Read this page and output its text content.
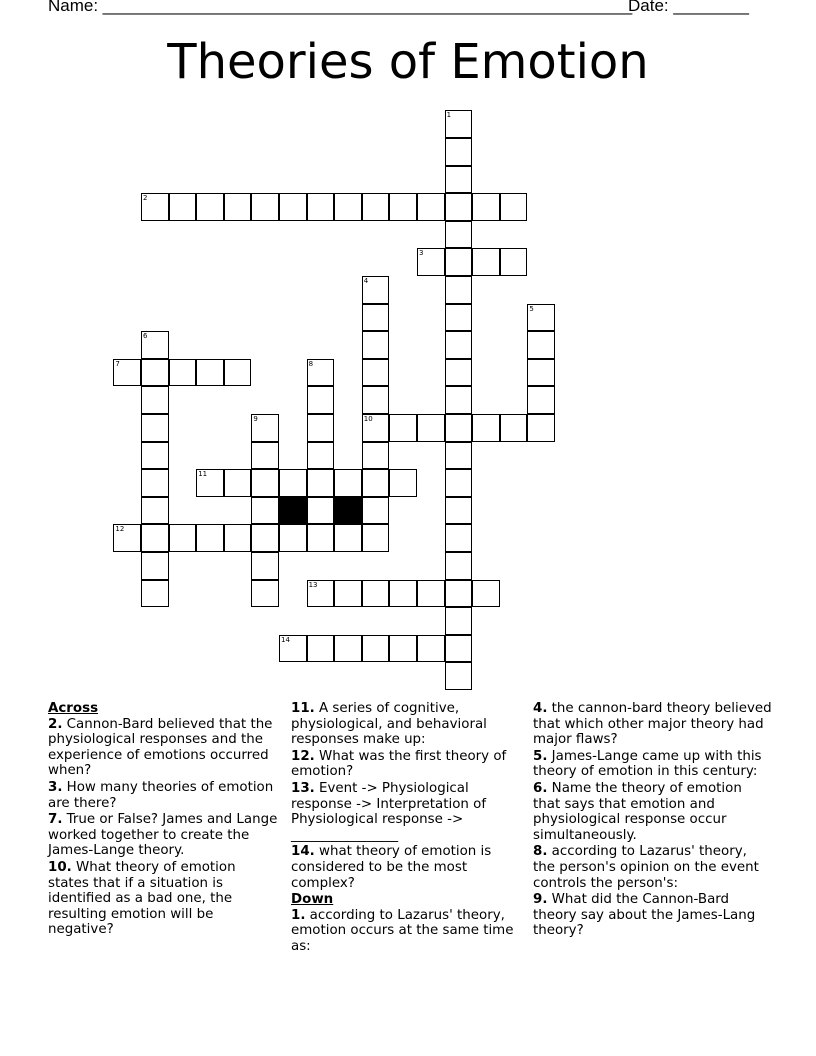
Name: ________________________________________________________
Date: ________
Theories of Emotion
1
2
3
4
5
6
7	8
9	10
11
12
13
14

Across

2. Cannon-Bard believed that the physiological responses and the experience of emotions occurred when?
3. How many theories of emotion are there?
7. True or False? James and Lange worked together to create the James-Lange theory.
10. What theory of emotion states that if a situation is identified as a bad one, the resulting emotion will be negative?
11. A series of cognitive, physiological, and behavioral responses make up:
12. What was the first theory of emotion?
13. Event -> Physiological response -> Interpretation of Physiological response -> ________________
14. what theory of emotion is considered to be the most complex?

Down

1. according to Lazarus' theory, emotion occurs at the same time as:
4. the cannon-bard theory believed that which other major theory had major flaws?
5. James-Lange came up with this theory of emotion in this century:
6. Name the theory of emotion that says that emotion and physiological response occur simultaneously.
8. according to Lazarus' theory, the person's opinion on the event controls the person's:
9. What did the Cannon-Bard theory say about the James-Lang theory?
